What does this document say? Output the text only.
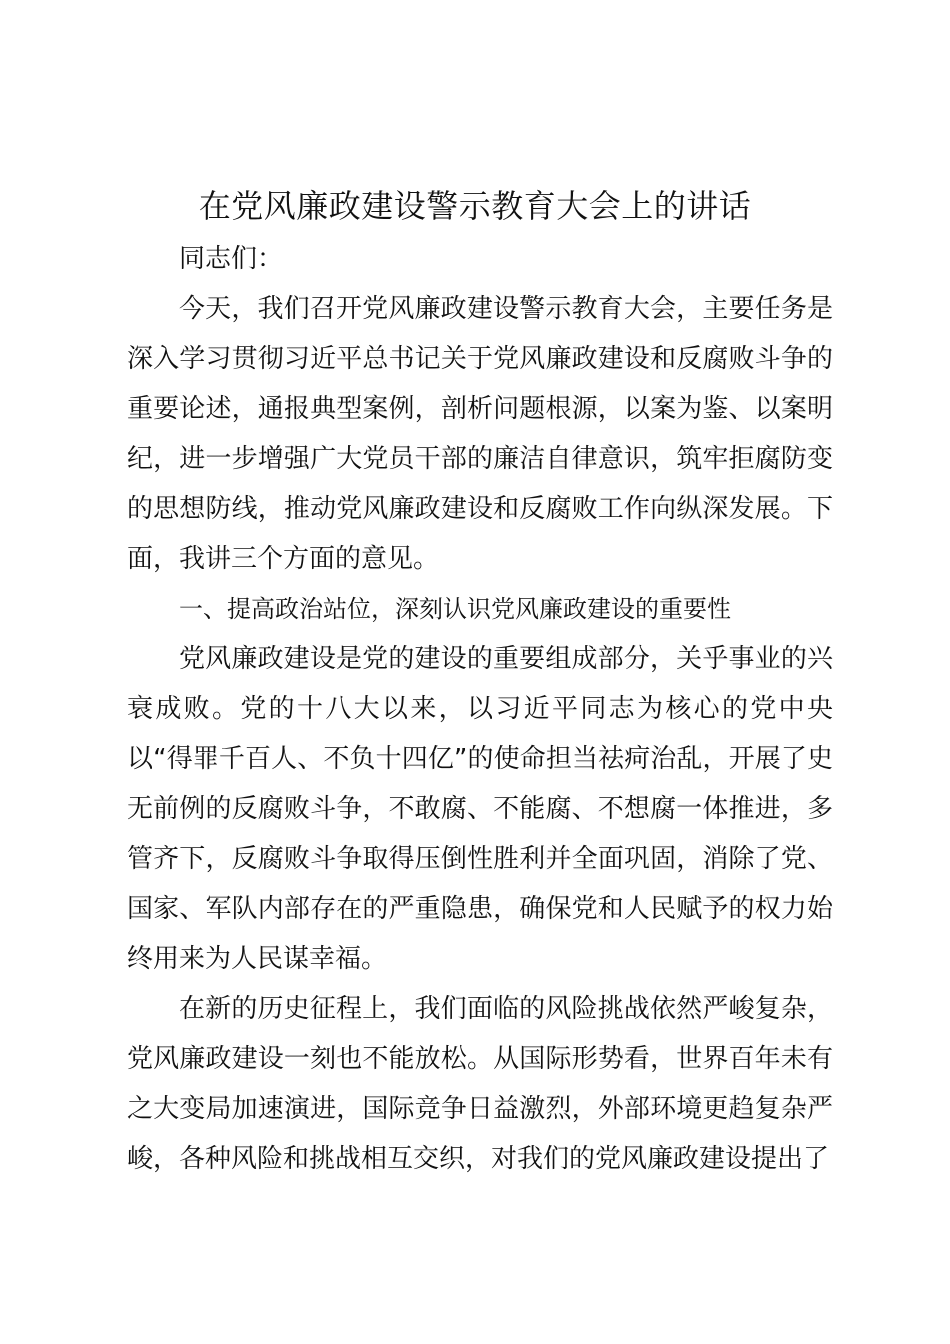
在党风廉政建设警示教育大会上的讲话

同志们：

今天，我们召开党风廉政建设警示教育大会，主要任务是深入学习贯彻习近平总书记关于党风廉政建设和反腐败斗争的重要论述，通报典型案例，剖析问题根源，以案为鉴、以案明纪，进一步增强广大党员干部的廉洁自律意识，筑牢拒腐防变的思想防线，推动党风廉政建设和反腐败工作向纵深发展。下面，我讲三个方面的意见。

一、提高政治站位，深刻认识党风廉政建设的重要性

党风廉政建设是党的建设的重要组成部分，关乎事业的兴衰成败。党的十八大以来，以习近平同志为核心的党中央以“得罪千百人、不负十四亿”的使命担当祛疴治乱，开展了史无前例的反腐败斗争，不敢腐、不能腐、不想腐一体推进，多管齐下，反腐败斗争取得压倒性胜利并全面巩固，消除了党、国家、军队内部存在的严重隐患，确保党和人民赋予的权力始终用来为人民谋幸福。

在新的历史征程上，我们面临的风险挑战依然严峻复杂，党风廉政建设一刻也不能放松。从国际形势看，世界百年未有之大变局加速演进，国际竞争日益激烈，外部环境更趋复杂严峻，各种风险和挑战相互交织，对我们的党风廉政建设提出了
